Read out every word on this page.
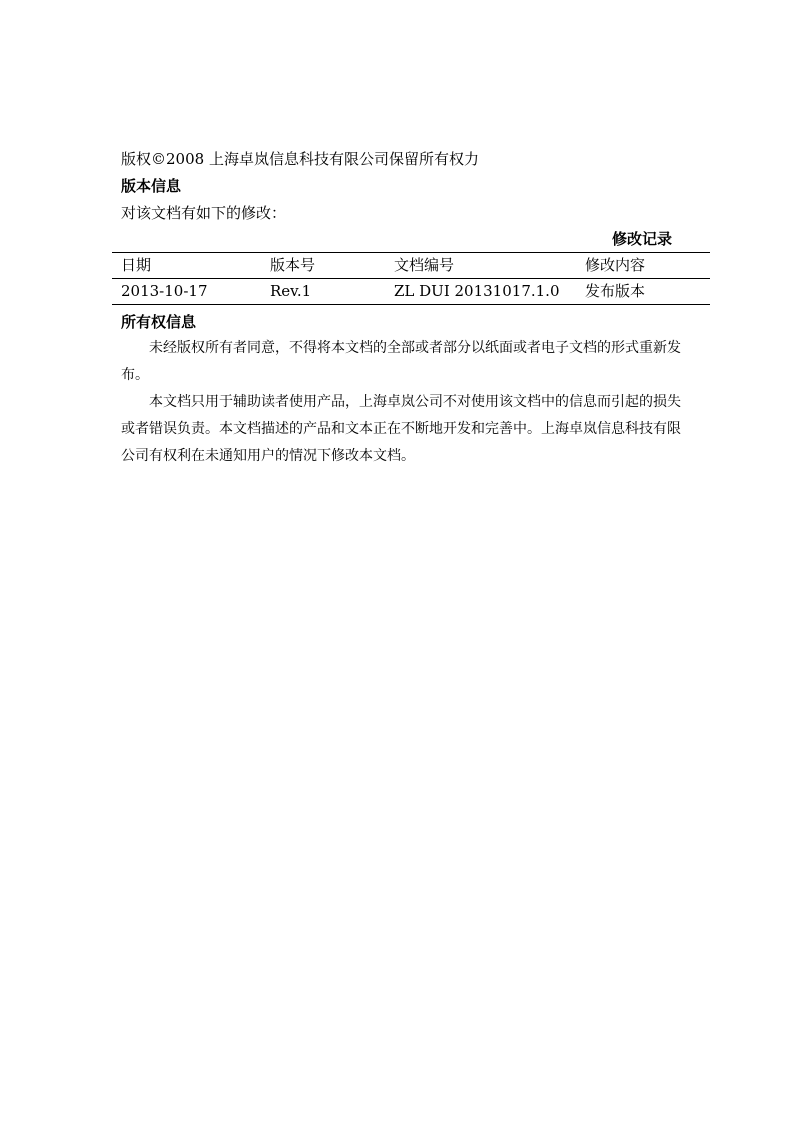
版权©2008 上海卓岚信息科技有限公司保留所有权力
版本信息
对该文档有如下的修改：
修改记录
日期	版本号	文档编号	修改内容
2013-10-17	Rev.1	ZL DUI 20131017.1.0	发布版本
所有权信息
未经版权所有者同意，不得将本文档的全部或者部分以纸面或者电子文档的形式重新发布。
本文档只用于辅助读者使用产品，上海卓岚公司不对使用该文档中的信息而引起的损失或者错误负责。本文档描述的产品和文本正在不断地开发和完善中。上海卓岚信息科技有限公司有权利在未通知用户的情况下修改本文档。
